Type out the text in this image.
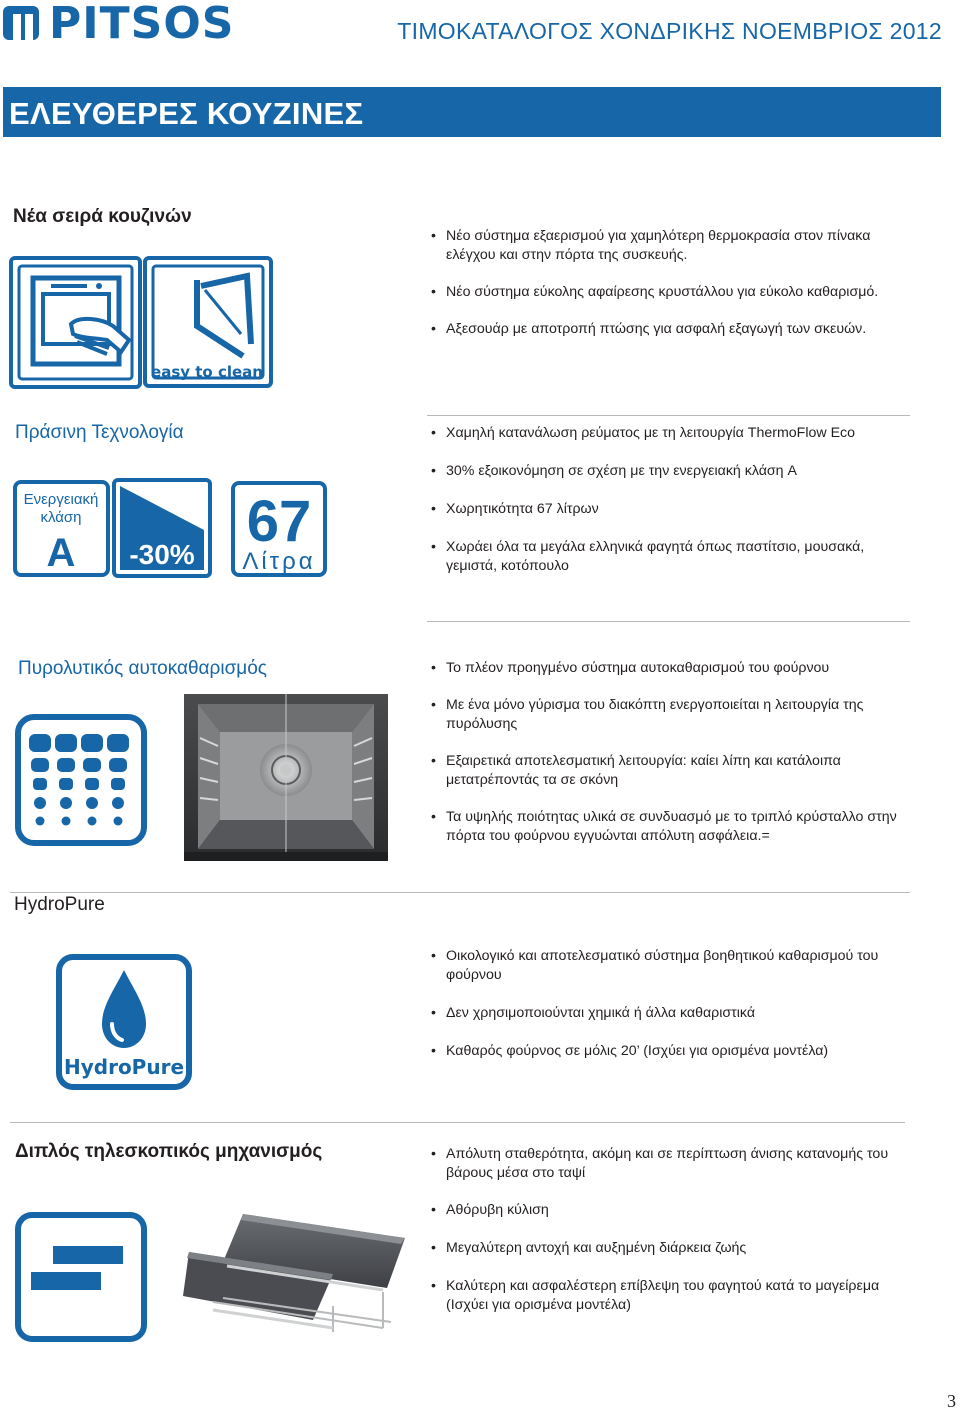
PITSOS	ΤΙΜΟΚΑΤΑΛΟΓΟΣ ΧΟΝΔΡΙΚΗΣ ΝΟΕΜΒΡΙΟΣ 2012
ΕΛΕΥΘΕΡΕΣ ΚΟΥΖΙΝΕΣ
Νέα σειρά κουζινών
easy to clean
• Νέο σύστημα εξαερισμού για χαμηλότερη θερμοκρασία στον πίνακα ελέγχου και στην πόρτα της συσκευής.
• Νέο σύστημα εύκολης αφαίρεσης κρυστάλλου για εύκολο καθαρισμό.
• Αξεσουάρ με αποτροπή πτώσης για ασφαλή εξαγωγή των σκευών.
Πράσινη Τεχνολογία
Ενεργειακή
κλάση
A -30%
67
Λίτρα
• Χαμηλή κατανάλωση ρεύματος με τη λειτουργία ThermoFlow Eco
• 30% εξοικονόμηση σε σχέση με την ενεργειακή κλάση A
• Χωρητικότητα 67 λίτρων
• Χωράει όλα τα μεγάλα ελληνικά φαγητά όπως παστίτσιο, μουσακά, γεμιστά, κοτόπουλο
Πυρολυτικός αυτοκαθαρισμός	• Το πλέον προηγμένο σύστημα αυτοκαθαρισμού του φούρνου
• Με ένα μόνο γύρισμα του διακόπτη ενεργοποιείται η λειτουργία της πυρόλυσης
• Εξαιρετικά αποτελεσματική λειτουργία: καίει λίπη και κατάλοιπα μετατρέποντάς τα σε σκόνη
• Τα υψηλής ποιότητας υλικά σε συνδυασμό με το τριπλό κρύσταλλο στην πόρτα του φούρνου εγγυώνται απόλυτη ασφάλεια.=
HydroPure
HydroPure
• Οικολογικό και αποτελεσματικό σύστημα βοηθητικού καθαρισμού του φούρνου
• Δεν χρησιμοποιούνται χημικά ή άλλα καθαριστικά
• Καθαρός φούρνος σε μόλις 20’ (Ισχύει για ορισμένα μοντέλα)
Διπλός τηλεσκοπικός μηχανισμός	• Απόλυτη σταθερότητα, ακόμη και σε περίπτωση άνισης κατανομής του βάρους μέσα στο ταψί
• Αθόρυβη κύλιση
• Μεγαλύτερη αντοχή και αυξημένη διάρκεια ζωής
• Καλύτερη και ασφαλέστερη επίβλεψη του φαγητού κατά το μαγείρεμα (Ισχύει για ορισμένα μοντέλα)
3
